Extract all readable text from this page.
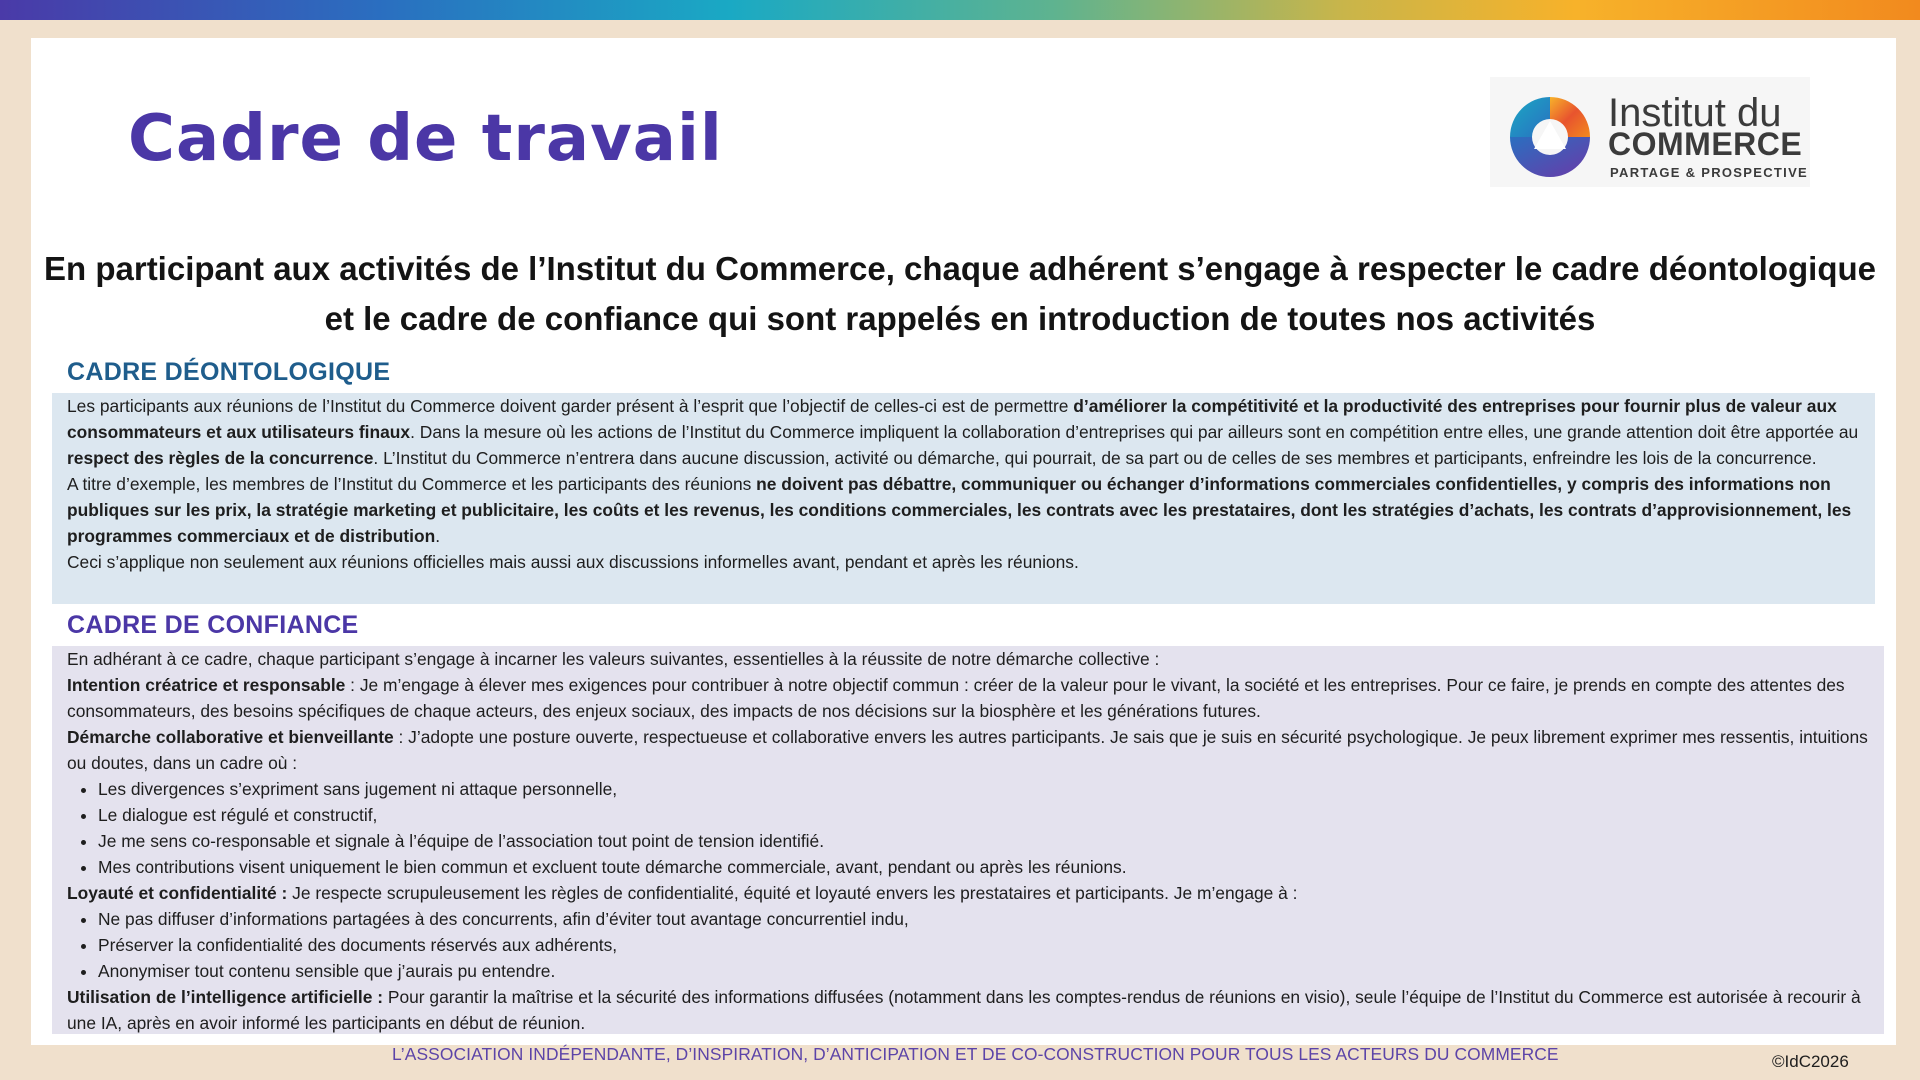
Cadre de travail	Institut du
COMMERCE
PARTAGE & PROSPECTIVE
En participant aux activités de l’Institut du Commerce, chaque adhérent s’engage à respecter le cadre déontologique et le cadre de confiance qui sont rappelés en introduction de toutes nos activités
CADRE DÉONTOLOGIQUE

Les participants aux réunions de l’Institut du Commerce doivent garder présent à l’esprit que l’objectif de celles-ci est de permettre d’améliorer la compétitivité et la productivité des entreprises pour fournir plus de valeur aux consommateurs et aux utilisateurs finaux. Dans la mesure où les actions de l’Institut du Commerce impliquent la collaboration d’entreprises qui par ailleurs sont en compétition entre elles, une grande attention doit être apportée au respect des règles de la concurrence. L’Institut du Commerce n’entrera dans aucune discussion, activité ou démarche, qui pourrait, de sa part ou de celles de ses membres et participants, enfreindre les lois de la concurrence.

A titre d’exemple, les membres de l’Institut du Commerce et les participants des réunions ne doivent pas débattre, communiquer ou échanger d’informations commerciales confidentielles, y compris des informations non publiques sur les prix, la stratégie marketing et publicitaire, les coûts et les revenus, les conditions commerciales, les contrats avec les prestataires, dont les stratégies d’achats, les contrats d’approvisionnement, les programmes commerciaux et de distribution.

Ceci s’applique non seulement aux réunions officielles mais aussi aux discussions informelles avant, pendant et après les réunions.

CADRE DE CONFIANCE

En adhérant à ce cadre, chaque participant s’engage à incarner les valeurs suivantes, essentielles à la réussite de notre démarche collective :

Intention créatrice et responsable : Je m’engage à élever mes exigences pour contribuer à notre objectif commun : créer de la valeur pour le vivant, la société et les entreprises. Pour ce faire, je prends en compte des attentes des consommateurs, des besoins spécifiques de chaque acteurs, des enjeux sociaux, des impacts de nos décisions sur la biosphère et les générations futures.

Démarche collaborative et bienveillante : J’adopte une posture ouverte, respectueuse et collaborative envers les autres participants. Je sais que je suis en sécurité psychologique. Je peux librement exprimer mes ressentis, intuitions ou doutes, dans un cadre où :

• Les divergences s’expriment sans jugement ni attaque personnelle,
• Le dialogue est régulé et constructif,
• Je me sens co-responsable et signale à l’équipe de l’association tout point de tension identifié.
• Mes contributions visent uniquement le bien commun et excluent toute démarche commerciale, avant, pendant ou après les réunions.

Loyauté et confidentialité : Je respecte scrupuleusement les règles de confidentialité, équité et loyauté envers les prestataires et participants. Je m’engage à :

• Ne pas diffuser d’informations partagées à des concurrents, afin d’éviter tout avantage concurrentiel indu,
• Préserver la confidentialité des documents réservés aux adhérents,
• Anonymiser tout contenu sensible que j’aurais pu entendre.

Utilisation de l’intelligence artificielle : Pour garantir la maîtrise et la sécurité des informations diffusées (notamment dans les comptes-rendus de réunions en visio), seule l’équipe de l’Institut du Commerce est autorisée à recourir à une IA, après en avoir informé les participants en début de réunion.

L’ASSOCIATION INDÉPENDANTE, D’INSPIRATION, D’ANTICIPATION ET DE CO-CONSTRUCTION POUR TOUS LES ACTEURS DU COMMERCE	©IdC2026
